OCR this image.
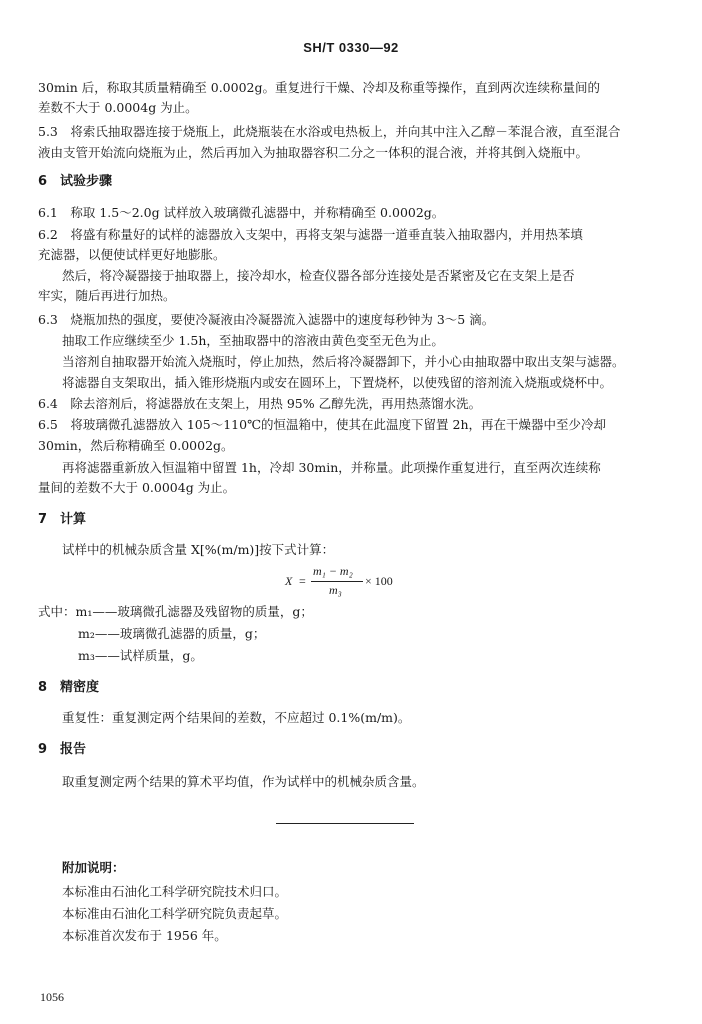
SH/T 0330—92
30min 后，称取其质量精确至 0.0002g。重复进行干燥、冷却及称重等操作，直到两次连续称量间的
差数不大于 0.0004g 为止。
5.3　将索氏抽取器连接于烧瓶上，此烧瓶装在水浴或电热板上，并向其中注入乙醇－苯混合液，直至混合
液由支管开始流向烧瓶为止，然后再加入为抽取器容积二分之一体积的混合液，并将其倒入烧瓶中。
6　试验步骤
6.1　称取 1.5～2.0g 试样放入玻璃微孔滤器中，并称精确至 0.0002g。
6.2　将盛有称量好的试样的滤器放入支架中，再将支架与滤器一道垂直装入抽取器内，并用热苯填
充滤器，以便使试样更好地膨胀。
然后，将冷凝器接于抽取器上，接冷却水，检查仪器各部分连接处是否紧密及它在支架上是否
牢实，随后再进行加热。
6.3　烧瓶加热的强度，要使冷凝液由冷凝器流入滤器中的速度每秒钟为 3～5 滴。
抽取工作应继续至少 1.5h，至抽取器中的溶液由黄色变至无色为止。
当溶剂自抽取器开始流入烧瓶时，停止加热，然后将冷凝器卸下，并小心由抽取器中取出支架与滤器。
将滤器自支架取出，插入锥形烧瓶内或安在圆环上，下置烧杯，以使残留的溶剂流入烧瓶或烧杯中。
6.4　除去溶剂后，将滤器放在支架上，用热 95% 乙醇先洗，再用热蒸馏水洗。
6.5　将玻璃微孔滤器放入 105～110℃的恒温箱中，使其在此温度下留置 2h，再在干燥器中至少冷却
30min，然后称精确至 0.0002g。
再将滤器重新放入恒温箱中留置 1h，冷却 30min，并称量。此项操作重复进行，直至两次连续称
量间的差数不大于 0.0004g 为止。
7　计算
试样中的机械杂质含量 X[%(m/m)]按下式计算：
X =
m₁ − m₂
m₃
× 100
式中：m₁——玻璃微孔滤器及残留物的质量，g；
m₂——玻璃微孔滤器的质量，g；
m₃——试样质量，g。
8　精密度
重复性：重复测定两个结果间的差数，不应超过 0.1%(m/m)。
9　报告
取重复测定两个结果的算术平均值，作为试样中的机械杂质含量。
附加说明：
本标准由石油化工科学研究院技术归口。
本标准由石油化工科学研究院负责起草。
本标准首次发布于 1956 年。
1056
